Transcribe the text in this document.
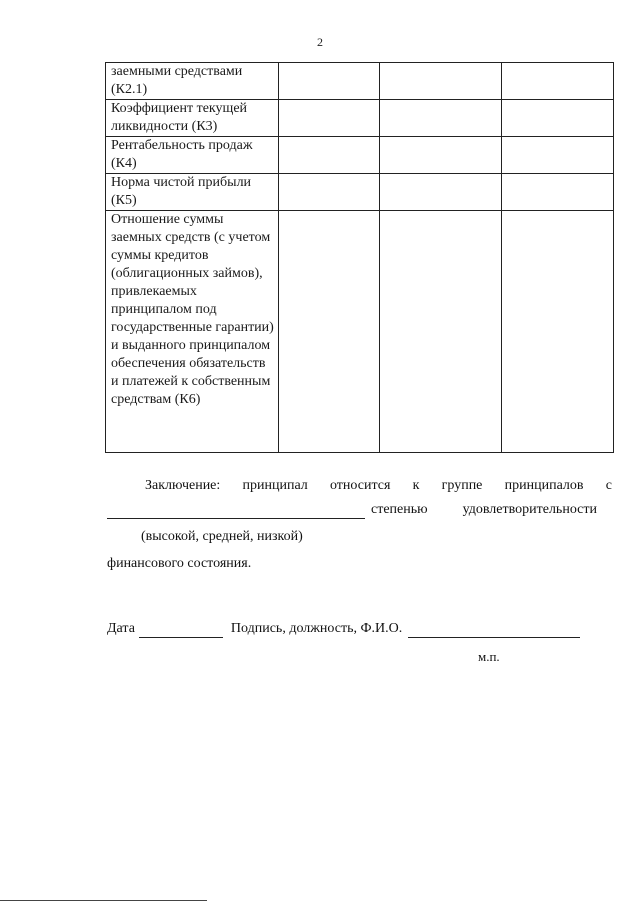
2
заемными средствами (К2.1)			
Коэффициент текущей ликвидности (К3)			
Рентабельность продаж (К4)			
Норма чистой прибыли (К5)			
Отношение суммы заемных средств (с учетом суммы кредитов (облигационных займов), привлекаемых принципалом под государственные гарантии) и выданного принципалом обеспечения обязательств и платежей к собственным средствам (К6)			
Заключение: принципал относится к группе принципалов с
степенью	удовлетворительности
(высокой, средней, низкой)
финансового состояния.
Дата	Подпись, должность, Ф.И.О.
м.п.
